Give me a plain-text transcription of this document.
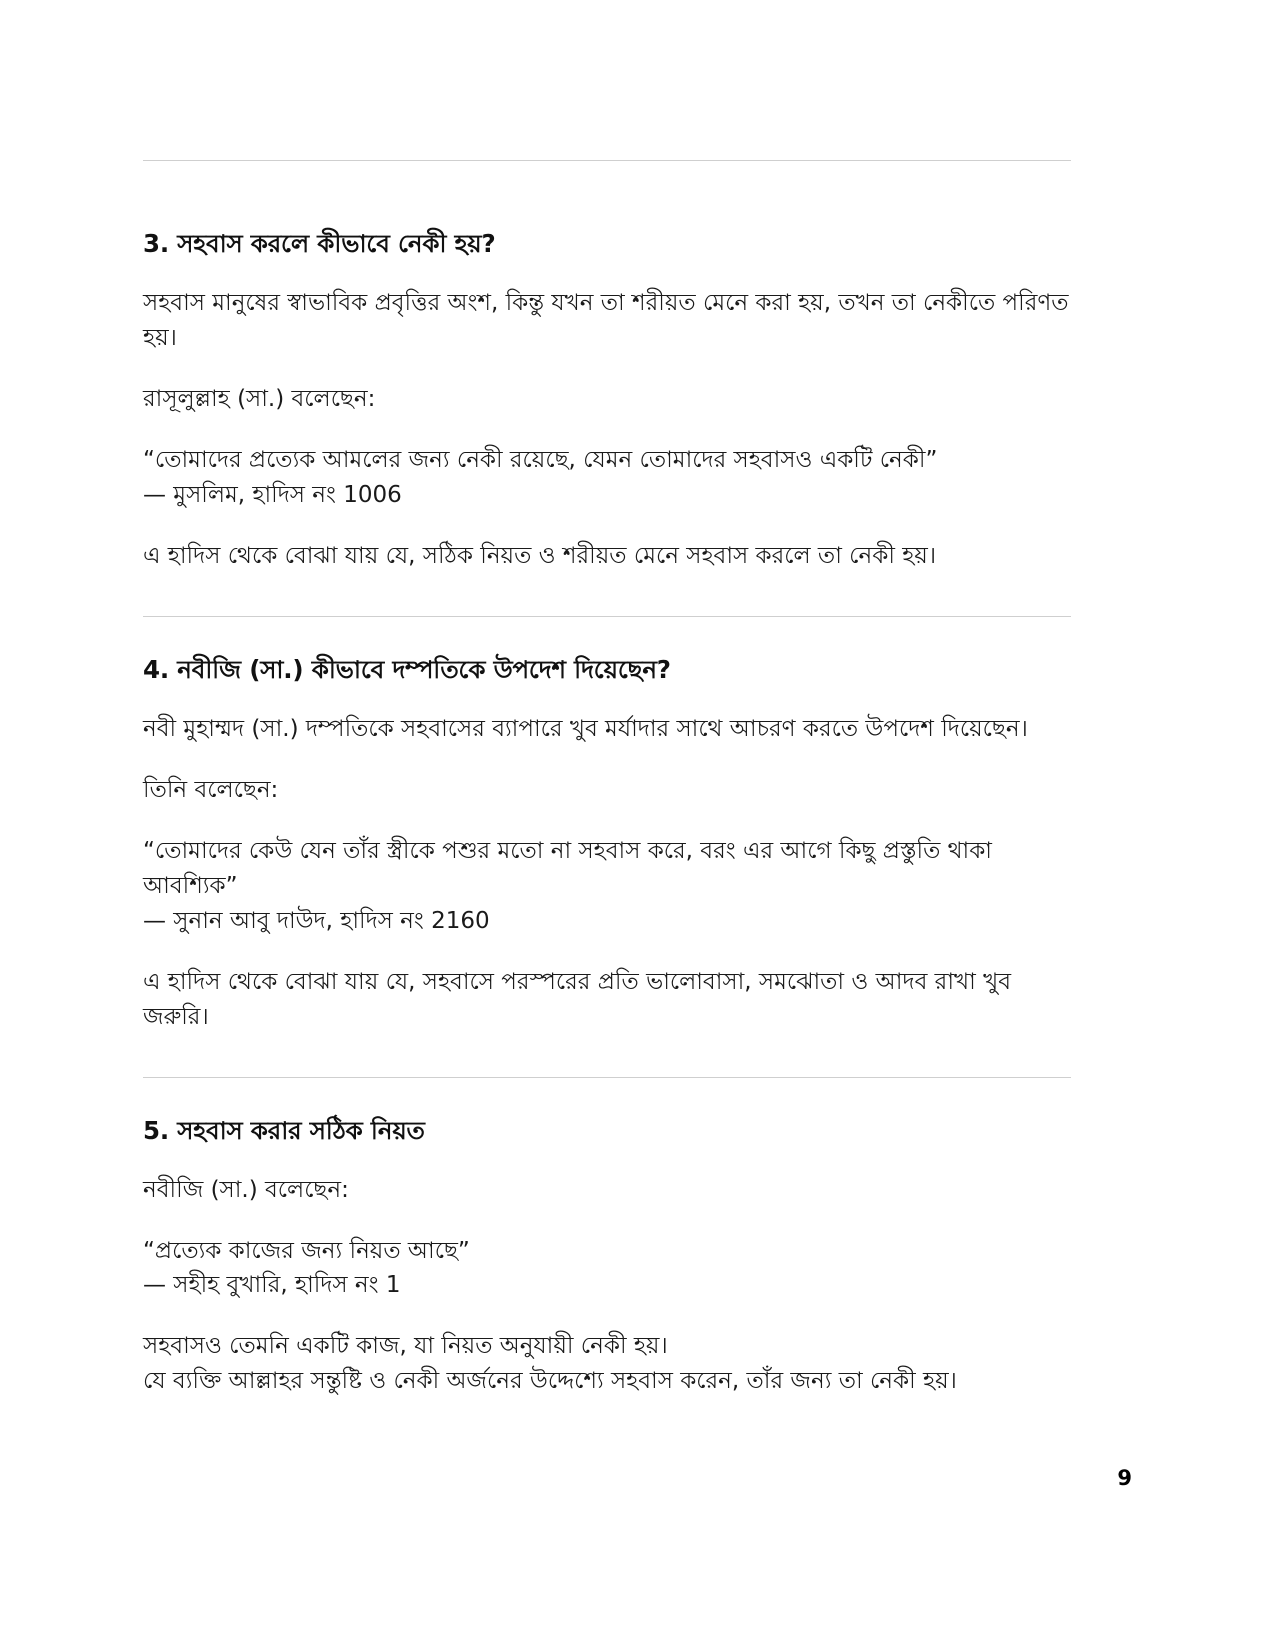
3. সহবাস করলে কীভাবে নেকী হয়?

সহবাস মানুষের স্বাভাবিক প্রবৃত্তির অংশ, কিন্তু যখন তা শরীয়ত মেনে করা হয়, তখন তা নেকীতে পরিণত হয়।

রাসূলুল্লাহ (সা.) বলেছেন:

“তোমাদের প্রত্যেক আমলের জন্য নেকী রয়েছে, যেমন তোমাদের সহবাসও একটি নেকী”
— মুসলিম, হাদিস নং 1006

এ হাদিস থেকে বোঝা যায় যে, সঠিক নিয়ত ও শরীয়ত মেনে সহবাস করলে তা নেকী হয়।

4. নবীজি (সা.) কীভাবে দম্পতিকে উপদেশ দিয়েছেন?

নবী মুহাম্মদ (সা.) দম্পতিকে সহবাসের ব্যাপারে খুব মর্যাদার সাথে আচরণ করতে উপদেশ দিয়েছেন।

তিনি বলেছেন:

“তোমাদের কেউ যেন তাঁর স্ত্রীকে পশুর মতো না সহবাস করে, বরং এর আগে কিছু প্রস্তুতি থাকা আবশ্যিক”
— সুনান আবু দাউদ, হাদিস নং 2160

এ হাদিস থেকে বোঝা যায় যে, সহবাসে পরস্পরের প্রতি ভালোবাসা, সমঝোতা ও আদব রাখা খুব জরুরি।

5. সহবাস করার সঠিক নিয়ত

নবীজি (সা.) বলেছেন:

“প্রত্যেক কাজের জন্য নিয়ত আছে”
— সহীহ বুখারি, হাদিস নং 1

সহবাসও তেমনি একটি কাজ, যা নিয়ত অনুযায়ী নেকী হয়।

যে ব্যক্তি আল্লাহর সন্তুষ্টি ও নেকী অর্জনের উদ্দেশ্যে সহবাস করেন, তাঁর জন্য তা নেকী হয়।

9
